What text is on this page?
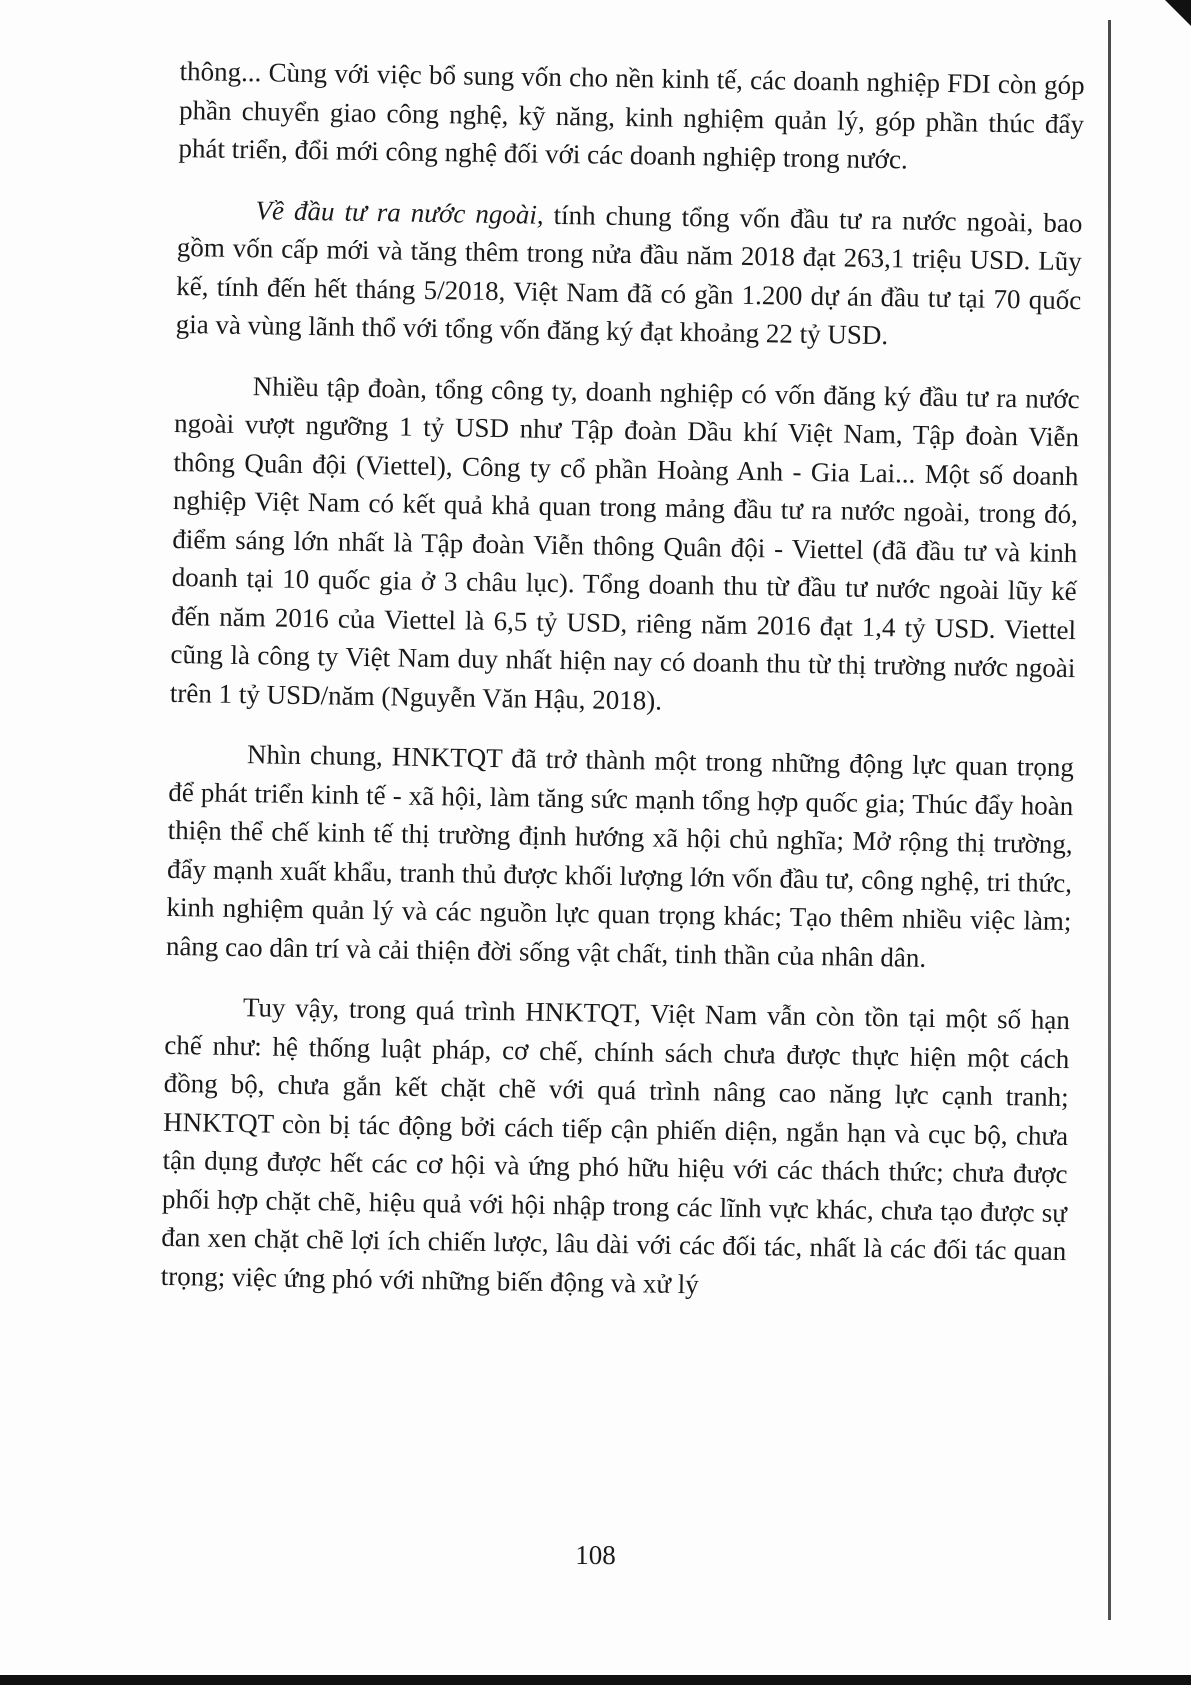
thông... Cùng với việc bổ sung vốn cho nền kinh tế, các doanh nghiệp FDI còn góp phần chuyển giao công nghệ, kỹ năng, kinh nghiệm quản lý, góp phần thúc đẩy phát triển, đổi mới công nghệ đối với các doanh nghiệp trong nước.

Về đầu tư ra nước ngoài, tính chung tổng vốn đầu tư ra nước ngoài, bao gồm vốn cấp mới và tăng thêm trong nửa đầu năm 2018 đạt 263,1 triệu USD. Lũy kế, tính đến hết tháng 5/2018, Việt Nam đã có gần 1.200 dự án đầu tư tại 70 quốc gia và vùng lãnh thổ với tổng vốn đăng ký đạt khoảng 22 tỷ USD.

Nhiều tập đoàn, tổng công ty, doanh nghiệp có vốn đăng ký đầu tư ra nước ngoài vượt ngưỡng 1 tỷ USD như Tập đoàn Dầu khí Việt Nam, Tập đoàn Viễn thông Quân đội (Viettel), Công ty cổ phần Hoàng Anh - Gia Lai... Một số doanh nghiệp Việt Nam có kết quả khả quan trong mảng đầu tư ra nước ngoài, trong đó, điểm sáng lớn nhất là Tập đoàn Viễn thông Quân đội - Viettel (đã đầu tư và kinh doanh tại 10 quốc gia ở 3 châu lục). Tổng doanh thu từ đầu tư nước ngoài lũy kế đến năm 2016 của Viettel là 6,5 tỷ USD, riêng năm 2016 đạt 1,4 tỷ USD. Viettel cũng là công ty Việt Nam duy nhất hiện nay có doanh thu từ thị trường nước ngoài trên 1 tỷ USD/năm (Nguyễn Văn Hậu, 2018).

Nhìn chung, HNKTQT đã trở thành một trong những động lực quan trọng để phát triển kinh tế - xã hội, làm tăng sức mạnh tổng hợp quốc gia; Thúc đẩy hoàn thiện thể chế kinh tế thị trường định hướng xã hội chủ nghĩa; Mở rộng thị trường, đẩy mạnh xuất khẩu, tranh thủ được khối lượng lớn vốn đầu tư, công nghệ, tri thức, kinh nghiệm quản lý và các nguồn lực quan trọng khác; Tạo thêm nhiều việc làm; nâng cao dân trí và cải thiện đời sống vật chất, tinh thần của nhân dân.

Tuy vậy, trong quá trình HNKTQT, Việt Nam vẫn còn tồn tại một số hạn chế như: hệ thống luật pháp, cơ chế, chính sách chưa được thực hiện một cách đồng bộ, chưa gắn kết chặt chẽ với quá trình nâng cao năng lực cạnh tranh; HNKTQT còn bị tác động bởi cách tiếp cận phiến diện, ngắn hạn và cục bộ, chưa tận dụng được hết các cơ hội và ứng phó hữu hiệu với các thách thức; chưa được phối hợp chặt chẽ, hiệu quả với hội nhập trong các lĩnh vực khác, chưa tạo được sự đan xen chặt chẽ lợi ích chiến lược, lâu dài với các đối tác, nhất là các đối tác quan trọng; việc ứng phó với những biến động và xử lý

108
